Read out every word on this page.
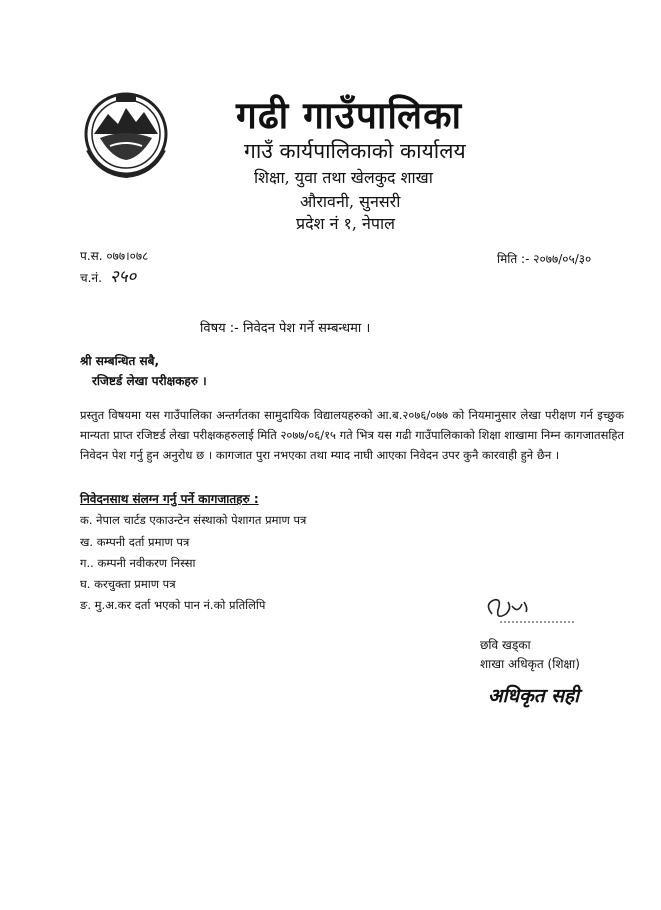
गढी गाउँपालिका
गाउँ कार्यपालिकाको कार्यालय
शिक्षा, युवा तथा खेलकुद शाखा
औरावनी, सुनसरी
प्रदेश नं १, नेपाल
प.स. ०७७।०७८
च.नं. २५०
मिति :- २०७७/०५/३०
विषय :- निवेदन पेश गर्ने सम्बन्धमा ।
श्री सम्बन्धित सबै,
रजिष्टर्ड लेखा परीक्षकहरु ।
प्रस्तुत विषयमा यस गाउँपालिका अन्तर्गतका सामुदायिक विद्यालयहरुको आ.ब.२०७६/०७७ को नियमानुसार लेखा परीक्षण गर्न इच्छुक मान्यता प्राप्त रजिष्टर्ड लेखा परीक्षकहरुलाई मिति २०७७/०६/१५ गते भित्र यस गढी गाउँपालिकाको शिक्षा शाखामा निम्न कागजातसहित निवेदन पेश गर्नु हुन अनुरोध छ । कागजात पुरा नभएका तथा म्याद नाघी आएका निवेदन उपर कुनै कारवाही हुने छैन ।
निवेदनसाथ संलग्न गर्नु पर्ने कागजातहरु :
क. नेपाल चार्टड एकाउन्टेन संस्थाको पेशागत प्रमाण पत्र
ख. कम्पनी दर्ता प्रमाण पत्र
ग.. कम्पनी नवीकरण निस्सा
घ. करचुक्ता प्रमाण पत्र
ङ. मु.अ.कर दर्ता भएको पान नं.को प्रतिलिपि
छवि खड्का
शाखा अधिकृत (शिक्षा)
अधिकृत सही
